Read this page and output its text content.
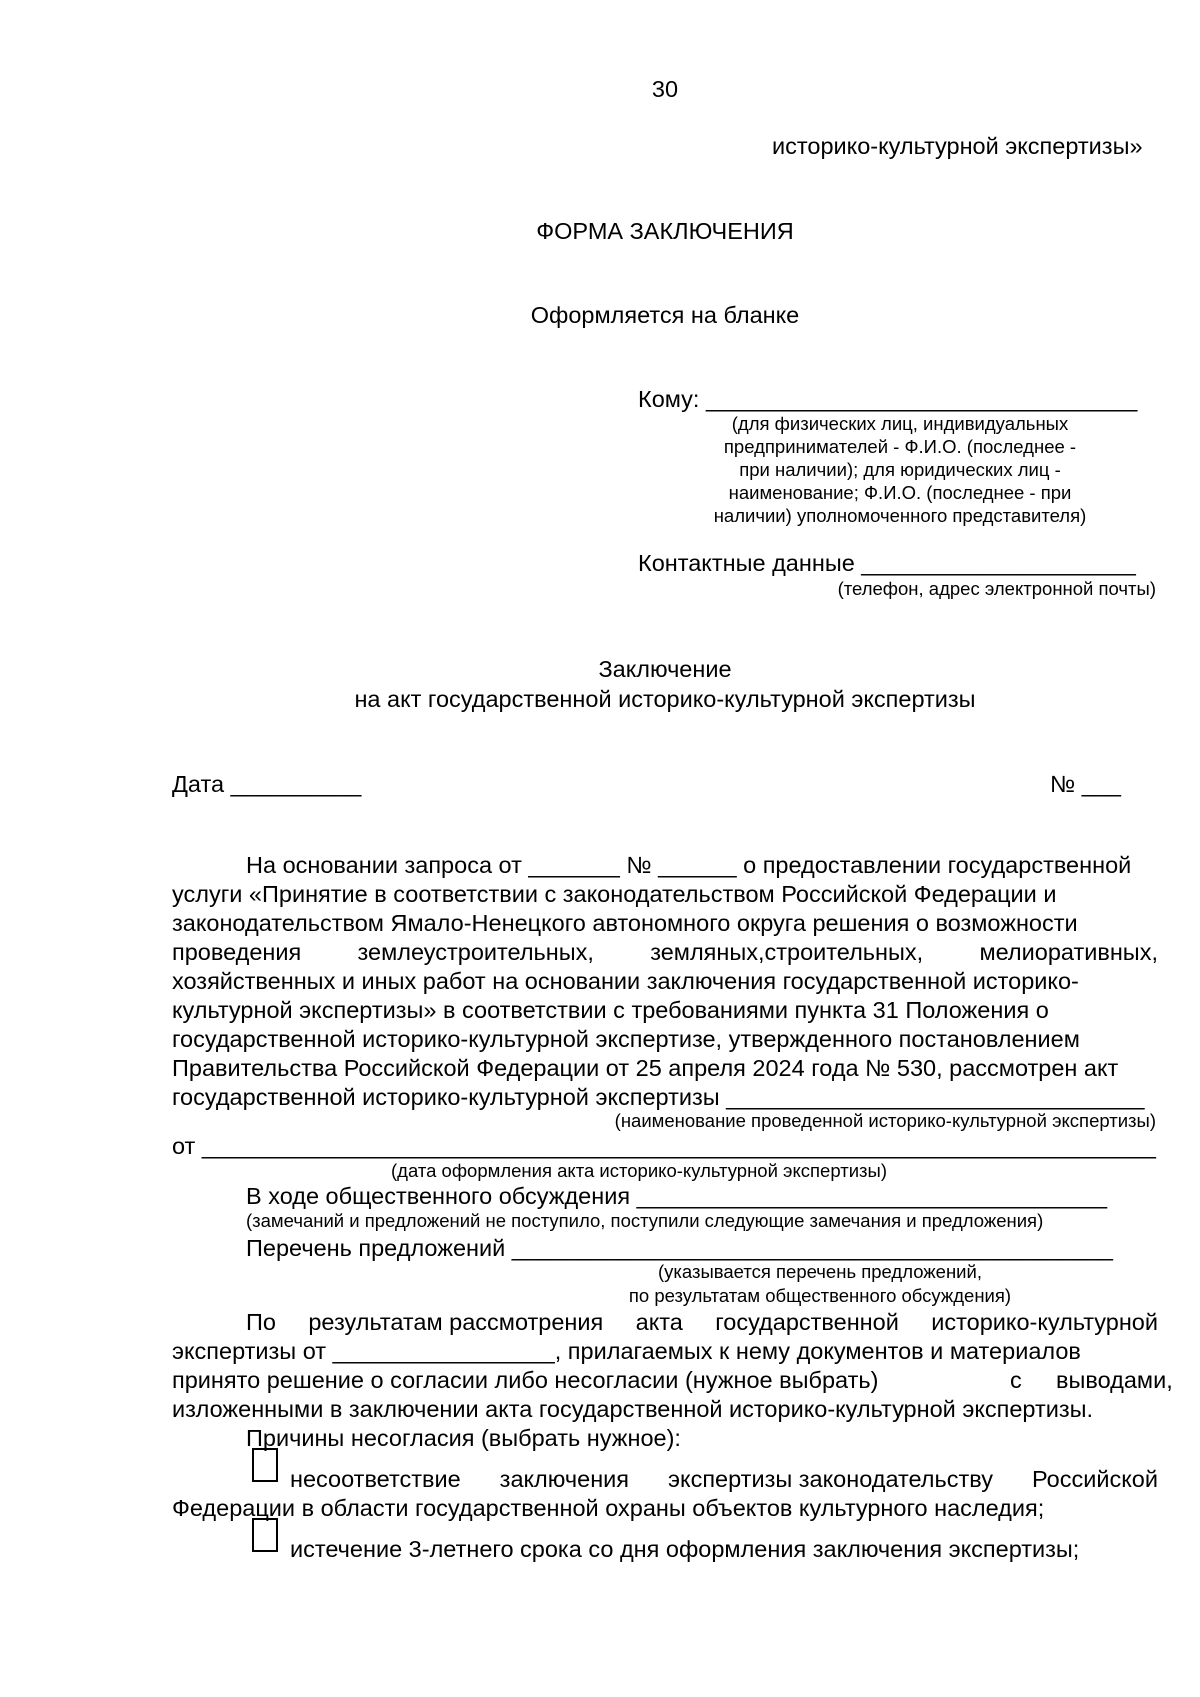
30
историко-культурной экспертизы»
ФОРМА ЗАКЛЮЧЕНИЯ
Оформляется на бланке
Кому: _________________________________
(для физических лиц, индивидуальных
предпринимателей - Ф.И.О. (последнее -
при наличии); для юридических лиц -
наименование; Ф.И.О. (последнее - при
наличии) уполномоченного представителя)
Контактные данные _____________________
(телефон, адрес электронной почты)
Заключение
на акт государственной историко-культурной экспертизы
Дата __________	№ ___
На основании запроса от _______ № ______ о предоставлении государственной
услуги «Принятие в соответствии с законодательством Российской Федерации и
законодательством Ямало-Ненецкого автономного округа решения о возможности
проведения землеустроительных, земляных,строительных, мелиоративных,
хозяйственных и иных работ на основании заключения государственной историко-
культурной экспертизы» в соответствии с требованиями пункта 31 Положения о
государственной историко-культурной экспертизе, утвержденного постановлением
Правительства Российской Федерации от 25 апреля 2024 года № 530, рассмотрен акт
государственной историко-культурной экспертизы ________________________________
(наименование проведенной историко-культурной экспертизы)
от _________________________________________________________________________
(дата оформления акта историко-культурной экспертизы)
В ходе общественного обсуждения ____________________________________
(замечаний и предложений не поступило, поступили следующие замечания и предложения)
Перечень предложений ______________________________________________
(указывается перечень предложений,
по результатам общественного обсуждения)
По результатам рассмотрения акта государственной историко-культурной
экспертизы от _________________, прилагаемых к нему документов и материалов
принято решение о согласии либо несогласии (нужное выбрать)	с выводами,
изложенными в заключении акта государственной историко-культурной экспертизы.
Причины несогласия (выбрать нужное):
несоответствие заключения экспертизы законодательству Российской
Федерации в области государственной охраны объектов культурного наследия;
истечение 3-летнего срока со дня оформления заключения экспертизы;
